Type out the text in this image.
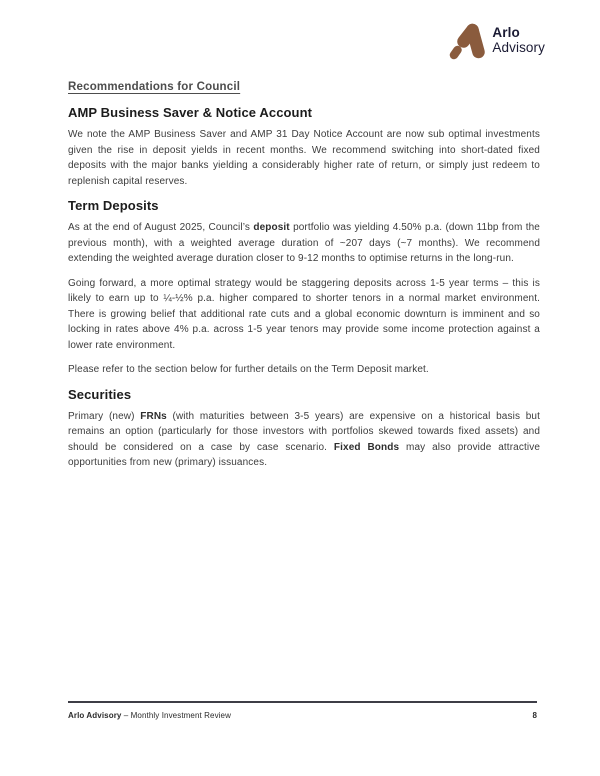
Arlo
Advisory
Recommendations for Council
AMP Business Saver & Notice Account

We note the AMP Business Saver and AMP 31 Day Notice Account are now sub optimal investments given the rise in deposit yields in recent months. We recommend switching into short-dated fixed deposits with the major banks yielding a considerably higher rate of return, or simply just redeem to replenish capital reserves.

Term Deposits

As at the end of August 2025, Council’s deposit portfolio was yielding 4.50% p.a. (down 11bp from the previous month), with a weighted average duration of ~207 days (~7 months). We recommend extending the weighted average duration closer to 9-12 months to optimise returns in the long-run.

Going forward, a more optimal strategy would be staggering deposits across 1-5 year terms – this is likely to earn up to ¼-½% p.a. higher compared to shorter tenors in a normal market environment. There is growing belief that additional rate cuts and a global economic downturn is imminent and so locking in rates above 4% p.a. across 1-5 year tenors may provide some income protection against a lower rate environment.

Please refer to the section below for further details on the Term Deposit market.

Securities

Primary (new) FRNs (with maturities between 3-5 years) are expensive on a historical basis but remains an option (particularly for those investors with portfolios skewed towards fixed assets) and should be considered on a case by case scenario. Fixed Bonds may also provide attractive opportunities from new (primary) issuances.

Arlo Advisory – Monthly Investment Review	8
